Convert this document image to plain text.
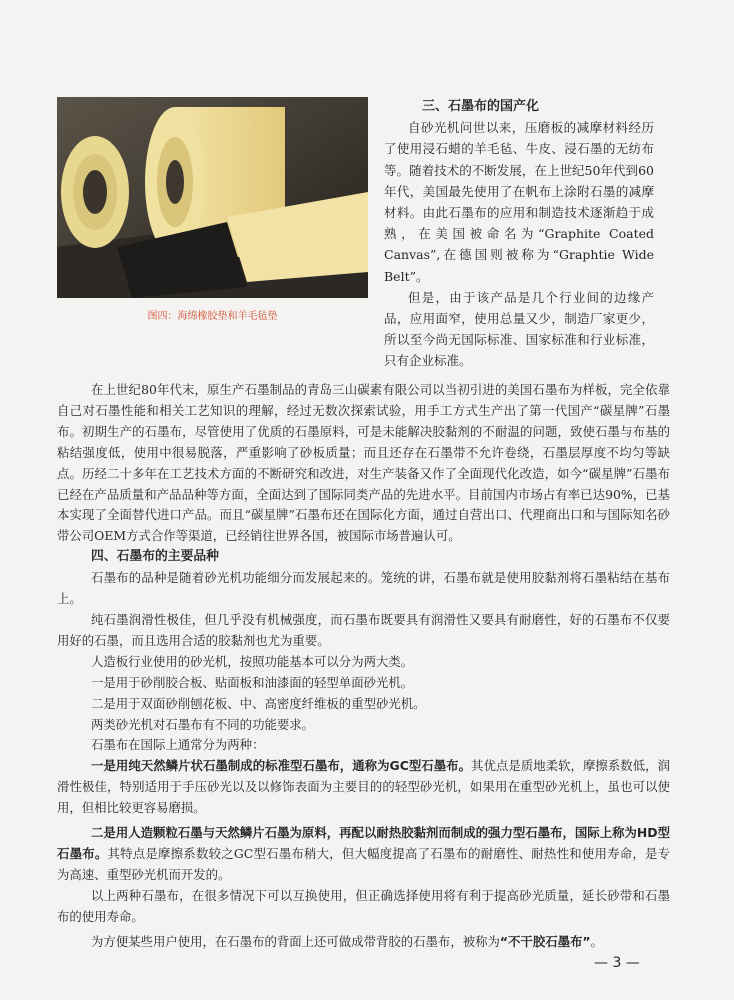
图四：海绵橡胶垫和羊毛毡垫
三、石墨布的国产化

自砂光机问世以来，压磨板的减摩材料经历了使用浸石蜡的羊毛毡、牛皮、浸石墨的无纺布等。随着技术的不断发展，在上世纪50年代到60年代，美国最先使用了在帆布上涂附石墨的减摩材料。由此石墨布的应用和制造技术逐渐趋于成熟，在美国被命名为“Graphite Coated Canvas”,在德国则被称为“Graphtie Wide Belt”。

但是，由于该产品是几个行业间的边缘产品，应用面窄，使用总量又少，制造厂家更少，所以至今尚无国际标准、国家标准和行业标准，只有企业标准。

在上世纪80年代末，原生产石墨制品的青岛三山碳素有限公司以当初引进的美国石墨布为样板，完全依靠自己对石墨性能和相关工艺知识的理解，经过无数次探索试验，用手工方式生产出了第一代国产“碳星牌”石墨布。初期生产的石墨布，尽管使用了优质的石墨原料，可是未能解决胶黏剂的不耐温的问题，致使石墨与布基的粘结强度低，使用中很易脱落，严重影响了砂板质量；而且还存在石墨带不允许卷绕，石墨层厚度不均匀等缺点。历经二十多年在工艺技术方面的不断研究和改进，对生产装备又作了全面现代化改造，如今“碳星牌”石墨布已经在产品质量和产品品种等方面，全面达到了国际同类产品的先进水平。目前国内市场占有率已达90%，已基本实现了全面替代进口产品。而且“碳星牌”石墨布还在国际化方面，通过自营出口、代理商出口和与国际知名砂带公司OEM方式合作等渠道，已经销往世界各国，被国际市场普遍认可。

四、石墨布的主要品种

石墨布的品种是随着砂光机功能细分而发展起来的。笼统的讲，石墨布就是使用胶黏剂将石墨粘结在基布上。

纯石墨润滑性极佳，但几乎没有机械强度，而石墨布既要具有润滑性又要具有耐磨性，好的石墨布不仅要用好的石墨，而且选用合适的胶黏剂也尤为重要。

人造板行业使用的砂光机，按照功能基本可以分为两大类。

一是用于砂削胶合板、贴面板和油漆面的轻型单面砂光机。

二是用于双面砂削刨花板、中、高密度纤维板的重型砂光机。

两类砂光机对石墨布有不同的功能要求。

石墨布在国际上通常分为两种：

一是用纯天然鳞片状石墨制成的标准型石墨布，通称为GC型石墨布。其优点是质地柔软，摩擦系数低，润滑性极佳，特别适用于手压砂光以及以修饰表面为主要目的的轻型砂光机，如果用在重型砂光机上，虽也可以使用，但相比较更容易磨损。

二是用人造颗粒石墨与天然鳞片石墨为原料，再配以耐热胶黏剂而制成的强力型石墨布，国际上称为HD型石墨布。其特点是摩擦系数较之GC型石墨布稍大，但大幅度提高了石墨布的耐磨性、耐热性和使用寿命，是专为高速、重型砂光机而开发的。

以上两种石墨布，在很多情况下可以互换使用，但正确选择使用将有利于提高砂光质量，延长砂带和石墨布的使用寿命。

为方便某些用户使用，在石墨布的背面上还可做成带背胶的石墨布，被称为“不干胶石墨布”。

— 3 —
